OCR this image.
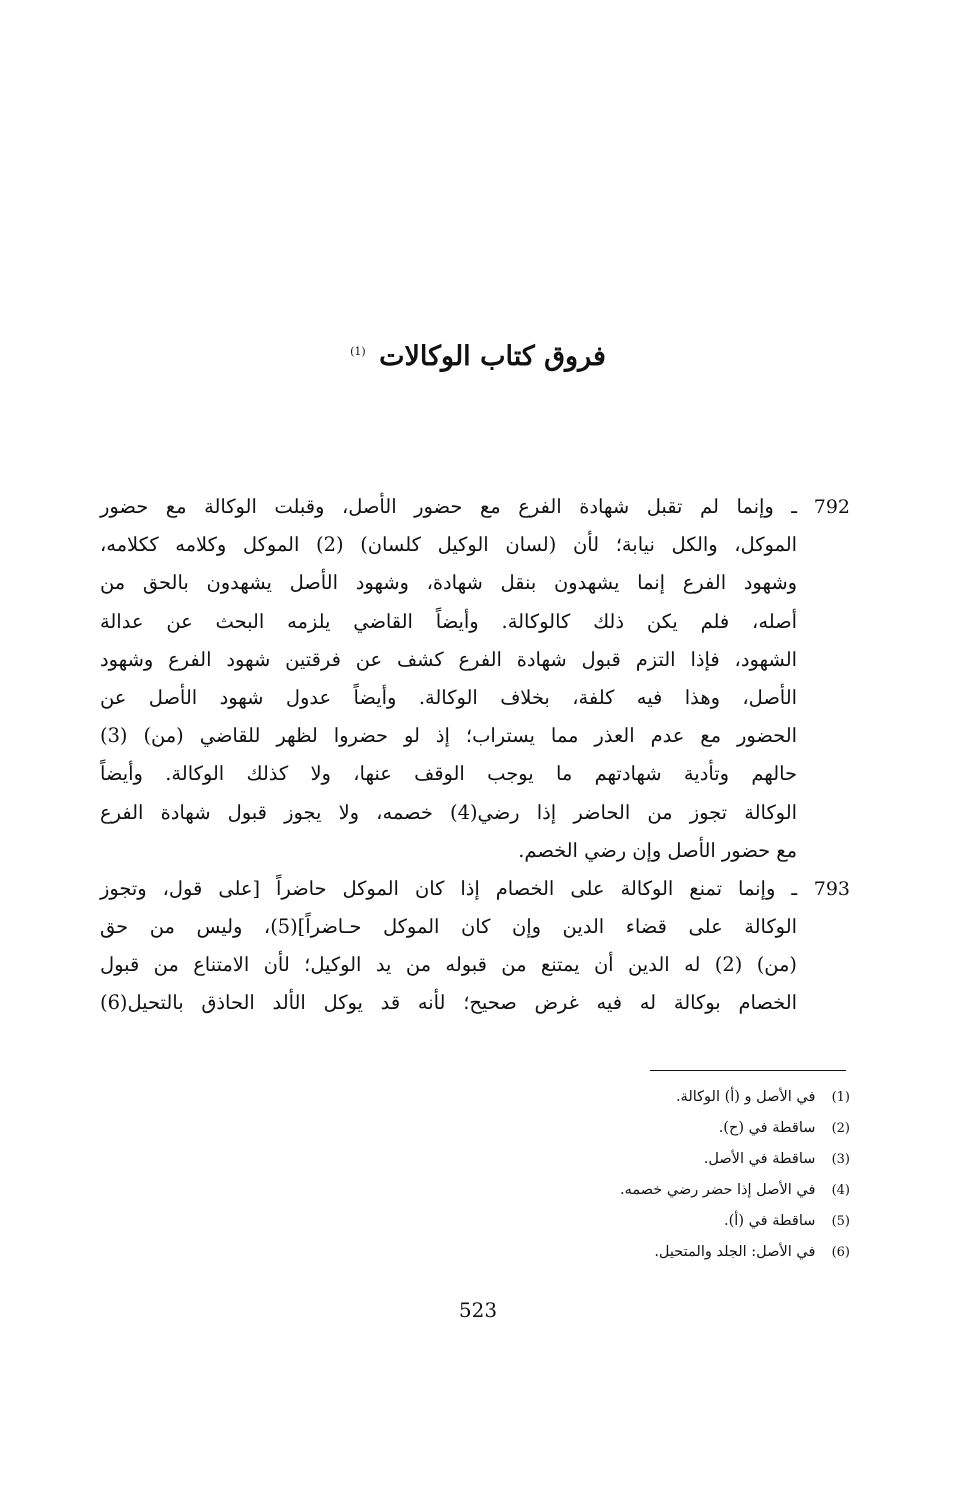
فروق كتاب الوكالات $^{(1)}$
792
ـ وإنما لم تقبل شهادة الفرع مع حضور الأصل، وقبلت الوكالة مع حضور
الموكل، والكل نيابة؛ لأن (لسان الوكيل كلسان) (2) الموكل وكلامه ككلامه،
وشهود الفرع إنما يشهدون بنقل شهادة، وشهود الأصل يشهدون بالحق من
أصله، فلم يكن ذلك كالوكالة. وأيضاً القاضي يلزمه البحث عن عدالة
الشهود، فإذا التزم قبول شهادة الفرع كشف عن فرقتين شهود الفرع وشهود
الأصل، وهذا فيه كلفة، بخلاف الوكالة. وأيضاً عدول شهود الأصل عن
الحضور مع عدم العذر مما يستراب؛ إذ لو حضروا لظهر للقاضي (من) (3)
حالهم وتأدية شهادتهم ما يوجب الوقف عنها، ولا كذلك الوكالة. وأيضاً
الوكالة تجوز من الحاضر إذا رضي(4) خصمه، ولا يجوز قبول شهادة الفرع
مع حضور الأصل وإن رضي الخصم.
793
ـ وإنما تمنع الوكالة على الخصام إذا كان الموكل حاضراً [على قول، وتجوز
الوكالة على قضاء الدين وإن كان الموكل حـاضراً](5)، وليس من حق
(من) (2) له الدين أن يمتنع من قبوله من يد الوكيل؛ لأن الامتناع من قبول
الخصام بوكالة له فيه غرض صحيح؛ لأنه قد يوكل الألد الحاذق بالتحيل(6)
(1) في الأصل و (أ) الوكالة.
(2) ساقطة في (ح).
(3) ساقطة في الأصل.
(4) في الأصل إذا حضر رضي خصمه.
(5) ساقطة في (أ).
(6) في الأصل: الجلد والمتحيل.
523
